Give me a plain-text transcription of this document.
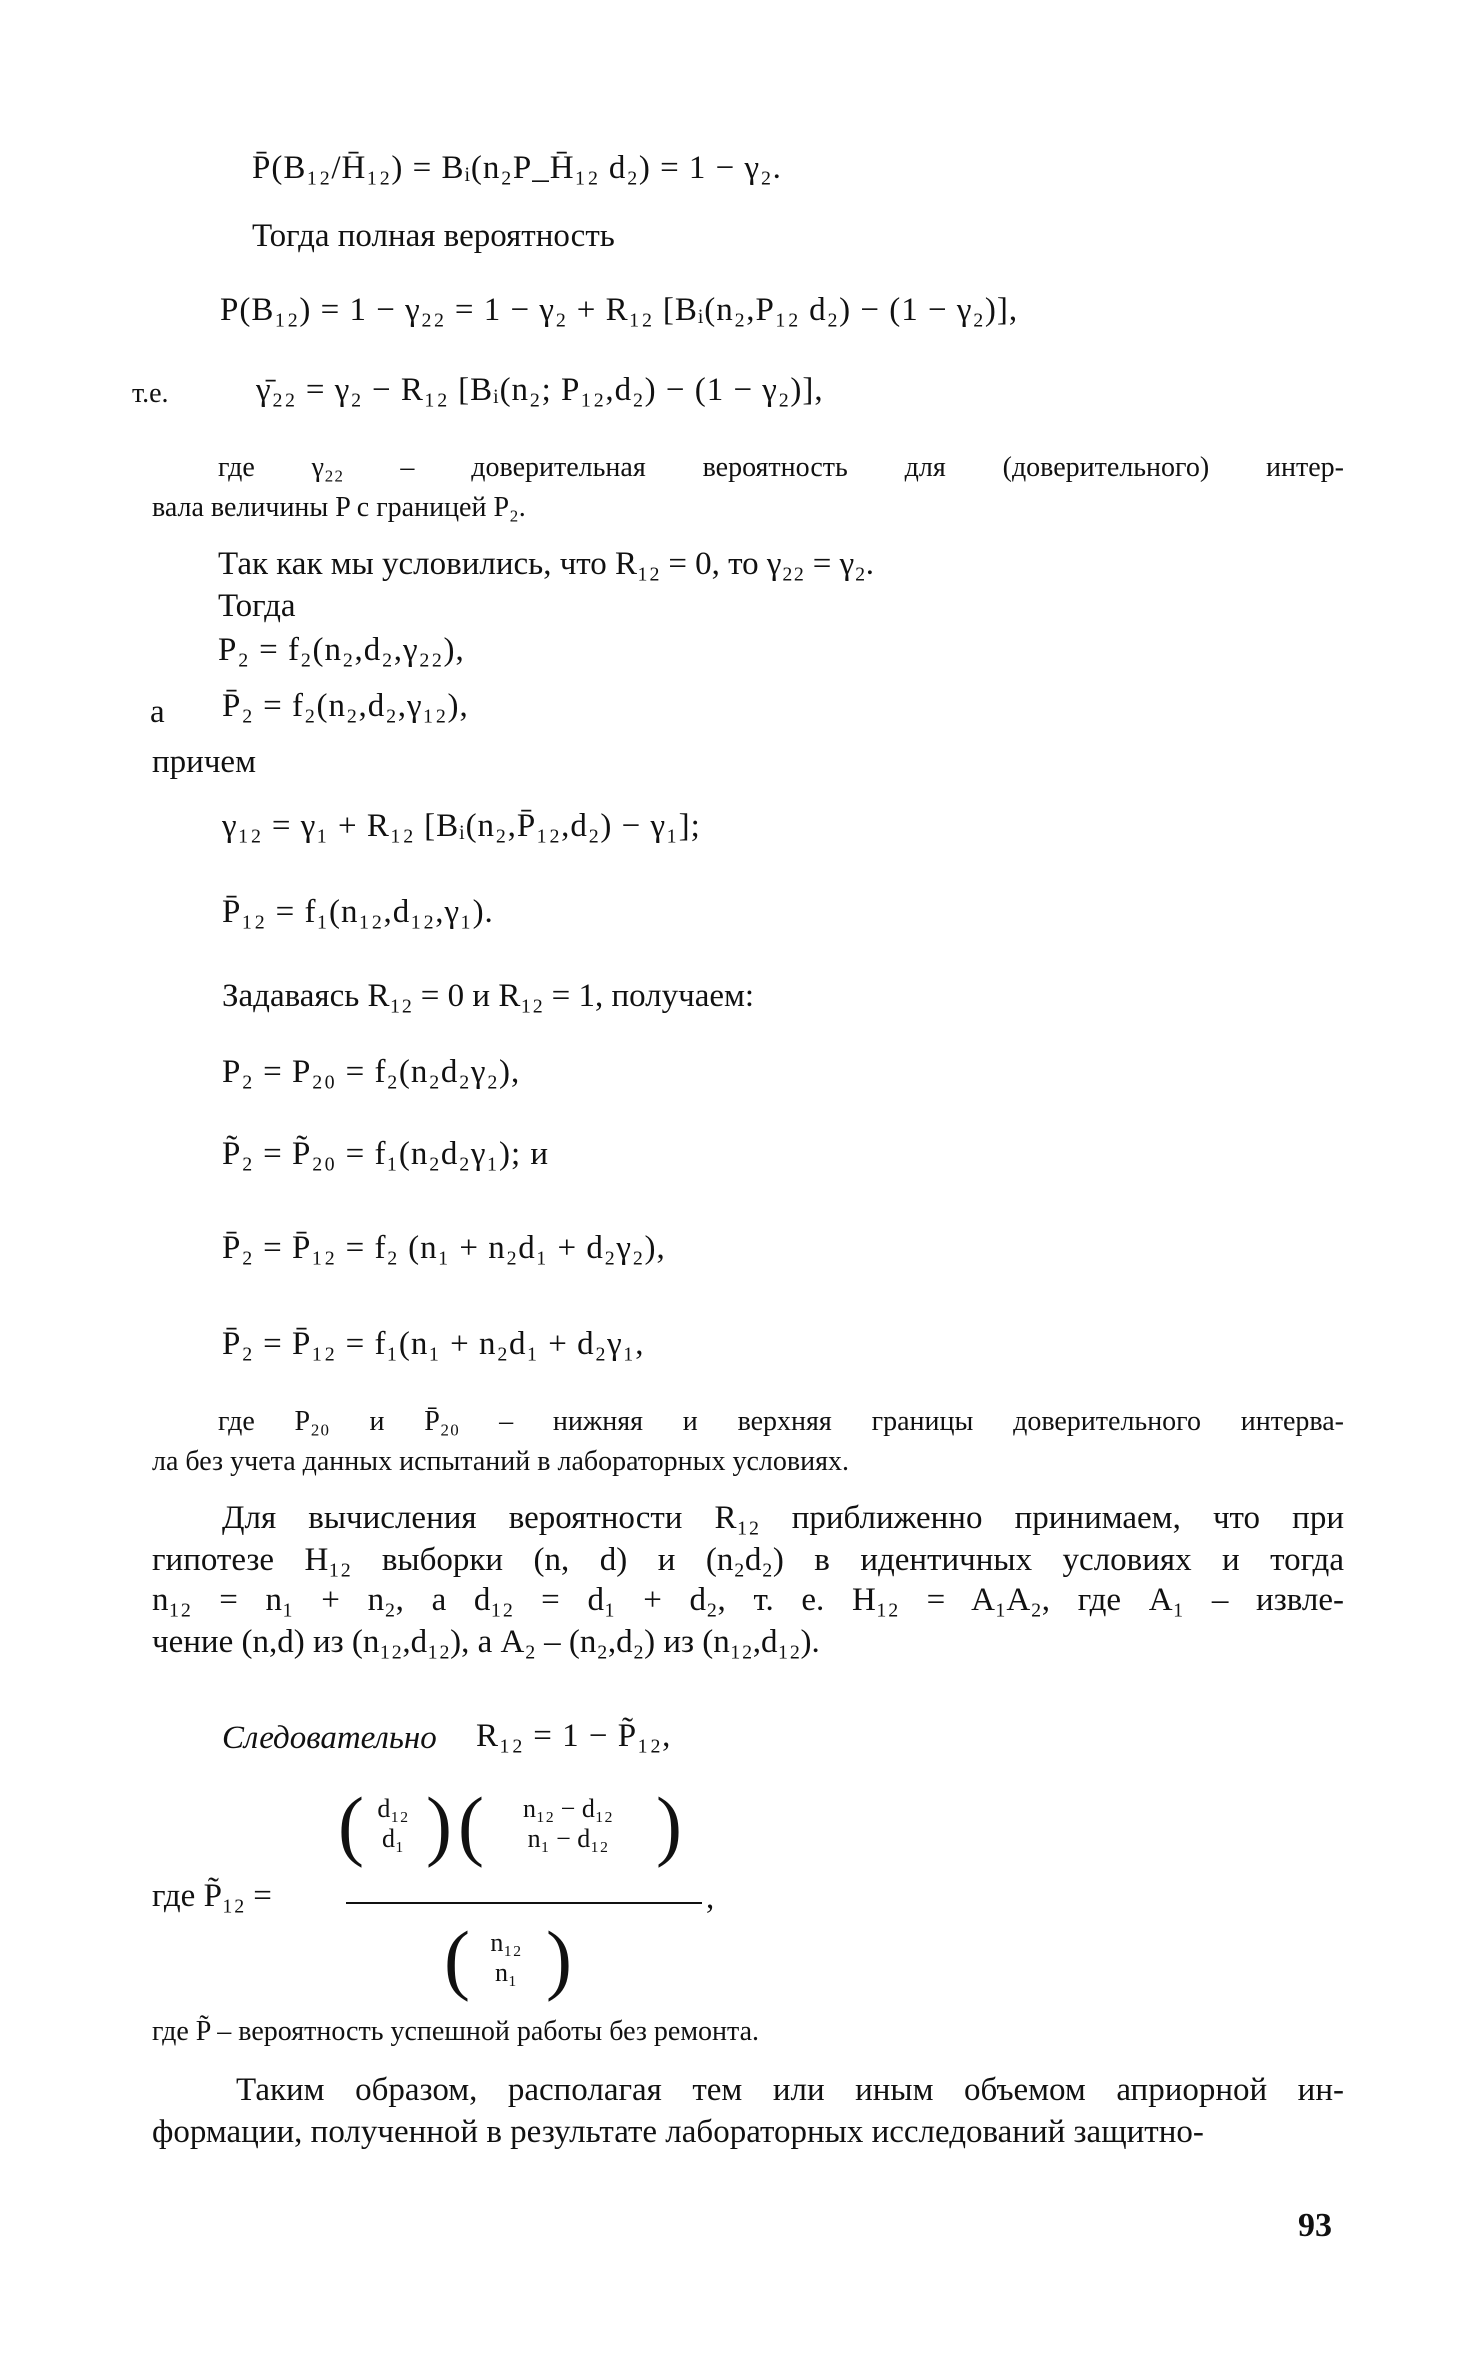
P̄(B₁₂/H̄₁₂) = Bᵢ(n₂P_H̄₁₂ d₂) = 1 − γ₂.
Тогда полная вероятность
P(B₁₂) = 1 − γ₂₂ = 1 − γ₂ + R₁₂ [Bᵢ(n₂,P₁₂ d₂) − (1 − γ₂)],
т.е.	γ̄₂₂ = γ₂ − R₁₂ [Bᵢ(n₂; P₁₂,d₂) − (1 − γ₂)],
где γ₂₂ – доверительная вероятность для (доверительного) интер-
вала величины P с границей P₂.
Так как мы условились, что R₁₂ = 0, то γ₂₂ = γ₂.
Тогда
P₂ = f₂(n₂,d₂,γ₂₂),
а P̄₂ = f₂(n₂,d₂,γ₁₂),
причем
γ₁₂ = γ₁ + R₁₂ [Bᵢ(n₂,P̄₁₂,d₂) − γ₁];
P̄₁₂ = f₁(n₁₂,d₁₂,γ₁).
Задаваясь R₁₂ = 0 и R₁₂ = 1, получаем:
P₂ = P₂₀ = f₂(n₂d₂γ₂),
P̃₂ = P̃₂₀ = f₁(n₂d₂γ₁); и
P̄₂ = P̄₁₂ = f₂ (n₁ + n₂d₁ + d₂γ₂),
P̄₂ = P̄₁₂ = f₁(n₁ + n₂d₁ + d₂γ₁,
где P₂₀ и P̄₂₀ – нижняя и верхняя границы доверительного интерва-
ла без учета данных испытаний в лабораторных условиях.
Для вычисления вероятности R₁₂ приближенно принимаем, что при
гипотезе H₁₂ выборки (n, d) и (n₂d₂) в идентичных условиях и тогда
n₁₂ = n₁ + n₂, а d₁₂ = d₁ + d₂, т. е. H₁₂ = A₁A₂, где A₁ – извле-
чение (n,d) из (n₁₂,d₁₂), а A₂ – (n₂,d₂) из (n₁₂,d₁₂).
Следовательно R₁₂ = 1 − P̃₁₂,
где P̃₁₂ =
( d₁₂
d₁ ) (	n₁₂ − d₁₂
n₁ − d₁₂ )
,
( n₁₂
n₁ )
где P̃ – вероятность успешной работы без ремонта.
Таким образом, располагая тем или иным объемом априорной ин-
формации, полученной в результате лабораторных исследований защитно-
93
